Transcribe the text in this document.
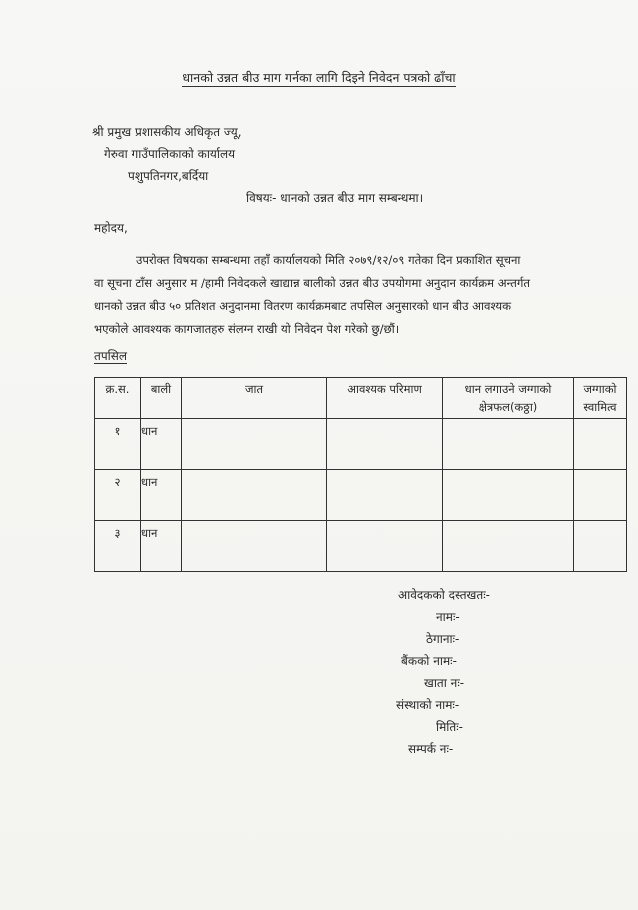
धानको उन्नत बीउ माग गर्नका लागि दिइने निवेदन पत्रको ढाँचा
श्री प्रमुख प्रशासकीय अधिकृत ज्यू,
गेरुवा गाउँपालिकाको कार्यालय
पशुपतिनगर,बर्दिया
विषयः- धानको उन्नत बीउ माग सम्बन्धमा।
महोदय,
उपरोक्त विषयका सम्बन्धमा तहाँ कार्यालयको मिति २०७९/१२/०९ गतेका दिन प्रकाशित सूचना
वा सूचना टाँस अनुसार म /हामी निवेदकले खाद्यान्न बालीको उन्नत बीउ उपयोगमा अनुदान कार्यक्रम अन्तर्गत
धानको उन्नत बीउ ५० प्रतिशत अनुदानमा वितरण कार्यक्रमबाट तपसिल अनुसारको धान बीउ आवश्यक
भएकोले आवश्यक कागजातहरु संलग्न राखी यो निवेदन पेश गरेको छु/छौं।
तपसिल
क्र.स.	बाली	जात	आवश्यक परिमाण	धान लगाउने जग्गाको क्षेत्रफल(कठ्ठा)	जग्गाको स्वामित्व
१	धान				
२	धान				
३	धान				
आवेदकको दस्तखतः-
नामः-
ठेगानाः-
बैंकको नामः-
खाता नः-
संस्थाको नामः-
मितिः-
सम्पर्क नः-
